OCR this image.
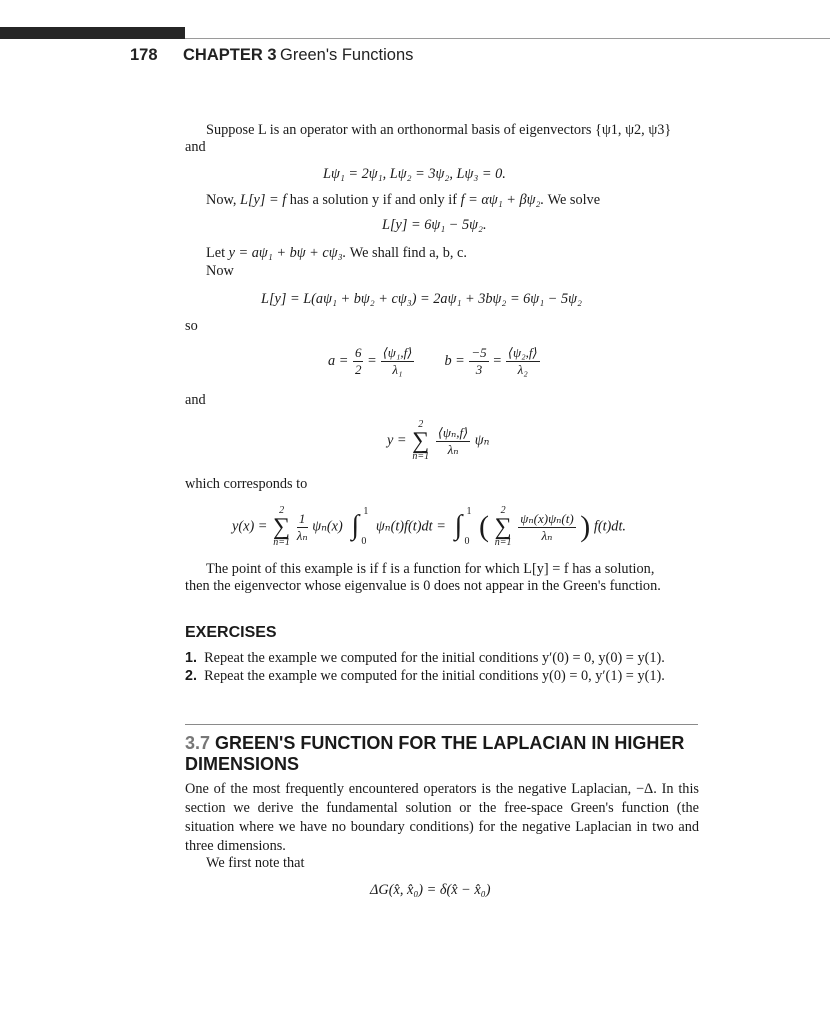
178 CHAPTER 3 Green's Functions
Suppose L is an operator with an orthonormal basis of eigenvectors {ψ1, ψ2, ψ3}
and
Lψ₁ = 2ψ₁, Lψ₂ = 3ψ₂, Lψ₃ = 0.
Now, L[y] = f has a solution y if and only if f = αψ₁ + βψ₂. We solve
L[y] = 6ψ₁ − 5ψ₂.
Let y = aψ₁ + bψ + cψ₃. We shall find a, b, c.
Now
L[y] = L(aψ₁ + bψ₂ + cψ₃) = 2aψ₁ + 3bψ₂ = 6ψ₁ − 5ψ₂
so
$a = \frac{6}{2} = \frac{\text{⟨ψ₁,f⟩}}{\text{λ₁}}$ $b = \frac{-5}{3} = \frac{\text{⟨ψ₂,f⟩}}{\text{λ₂}}$
and
y =
2
∑
n=1
$\frac{\text{⟨ψₙ,f⟩}}{\text{λₙ}}$ ψₙ
which corresponds to
y(x) =
2
∑
n=1
$\frac{1}{\text{λₙ}} \psi_n(x)$ ∫ 1
0
ψₙ(t)f(t)dt = ∫ 1
0 (	2
∑
n=1
$\frac{\text{ψₙ(x)ψₙ(t)}}{\text{λₙ}}$ ) f(t)dt.
The point of this example is if f is a function for which L[y] = f has a solution,
then the eigenvector whose eigenvalue is 0 does not appear in the Green's function.
EXERCISES
1. Repeat the example we computed for the initial conditions y′(0) = 0, y(0) = y(1).
2. Repeat the example we computed for the initial conditions y(0) = 0, y′(1) = y(1).
3.7 GREEN'S FUNCTION FOR THE LAPLACIAN IN HIGHER
DIMENSIONS
One of the most frequently encountered operators is the negative Laplacian, −Δ. In this section we derive the fundamental solution or the free-space Green's function (the situation where we have no boundary conditions) for the negative Laplacian in two and three dimensions.
We first note that
ΔG(x̂, x̂₀) = δ(x̂ − x̂₀)
